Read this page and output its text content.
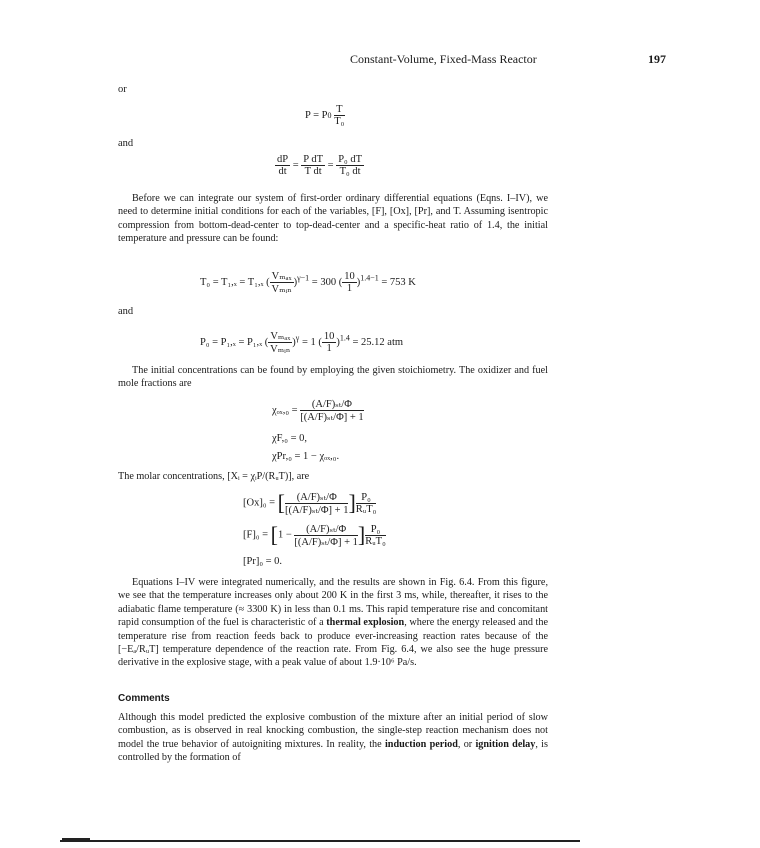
Constant-Volume, Fixed-Mass Reactor	197
or
$P = P0 \frac{T}{\text{T₀}}$
and
$\frac{dP}{dt} = \frac{\text{P dT}}{\text{T dt}} = \frac{\text{P₀ dT}}{\text{T₀ dt}}$
Before we can integrate our system of first-order ordinary differential equations (Eqns. I–IV), we need to determine initial conditions for each of the variables, [F], [Ox], [Pr], and T. Assuming isentropic compression from bottom-dead-center to top-dead-center and a specific-heat ratio of 1.4, the initial temperature and pressure can be found:
T₀ = T₁,ₓ = T₁,ₓ ( $\frac{\text{Vₘₐₓ}}{\text{Vₘᵢₙ}} )^{\gamma-1} = 300$ ( $\frac{10}{1} )^{1.4-1} = 753$ K
and
P₀ = P₁,ₓ = P₁,ₓ ( $\frac{\text{Vₘₐₓ}}{\text{Vₘᵢₙ}} )^\gamma = 1$ ( $\frac{10}{1} )^{1.4} = 25.12$ atm
The initial concentrations can be found by employing the given stoichiometry. The oxidizer and fuel mole fractions are
$\chi_{ox},_0 = \frac{\text{(A/F)ₛₜ/Φ}}{\text{[(A/F)ₛₜ/Φ] + 1}}$
χF,₀ = 0,
χPr,₀ = 1 − χₒₓ,₀.
The molar concentrations, [Xᵢ = χᵢP/(RᵤT)], are
[Ox]₀ = [ $\frac{\text{(A/F)ₛₜ/Φ}}{\text{[(A/F)ₛₜ/Φ] + 1}}$ ] $\frac{\text{P₀}}{\text{RᵤT₀}}$
$[F]_0 = [1 - \frac{\text{(A/F)ₛₜ/Φ}}{\text{[(A/F)ₛₜ/Φ] + 1}}$ ] $\frac{\text{P₀}}{\text{RᵤT₀}}$
[Pr]₀ = 0.
Equations I–IV were integrated numerically, and the results are shown in Fig. 6.4. From this figure, we see that the temperature increases only about 200 K in the first 3 ms, while, thereafter, it rises to the adiabatic flame temperature (≈ 3300 K) in less than 0.1 ms. This rapid temperature rise and concomitant rapid consumption of the fuel is characteristic of a thermal explosion, where the energy released and the temperature rise from reaction feeds back to produce ever-increasing reaction rates because of the [−Eₐ/RᵤT] temperature dependence of the reaction rate. From Fig. 6.4, we also see the huge pressure derivative in the explosive stage, with a peak value of about 1.9·10⁶ Pa/s.
Comments
Although this model predicted the explosive combustion of the mixture after an initial period of slow combustion, as is observed in real knocking combustion, the single-step reaction mechanism does not model the true behavior of autoigniting mixtures. In reality, the induction period, or ignition delay, is controlled by the formation of
